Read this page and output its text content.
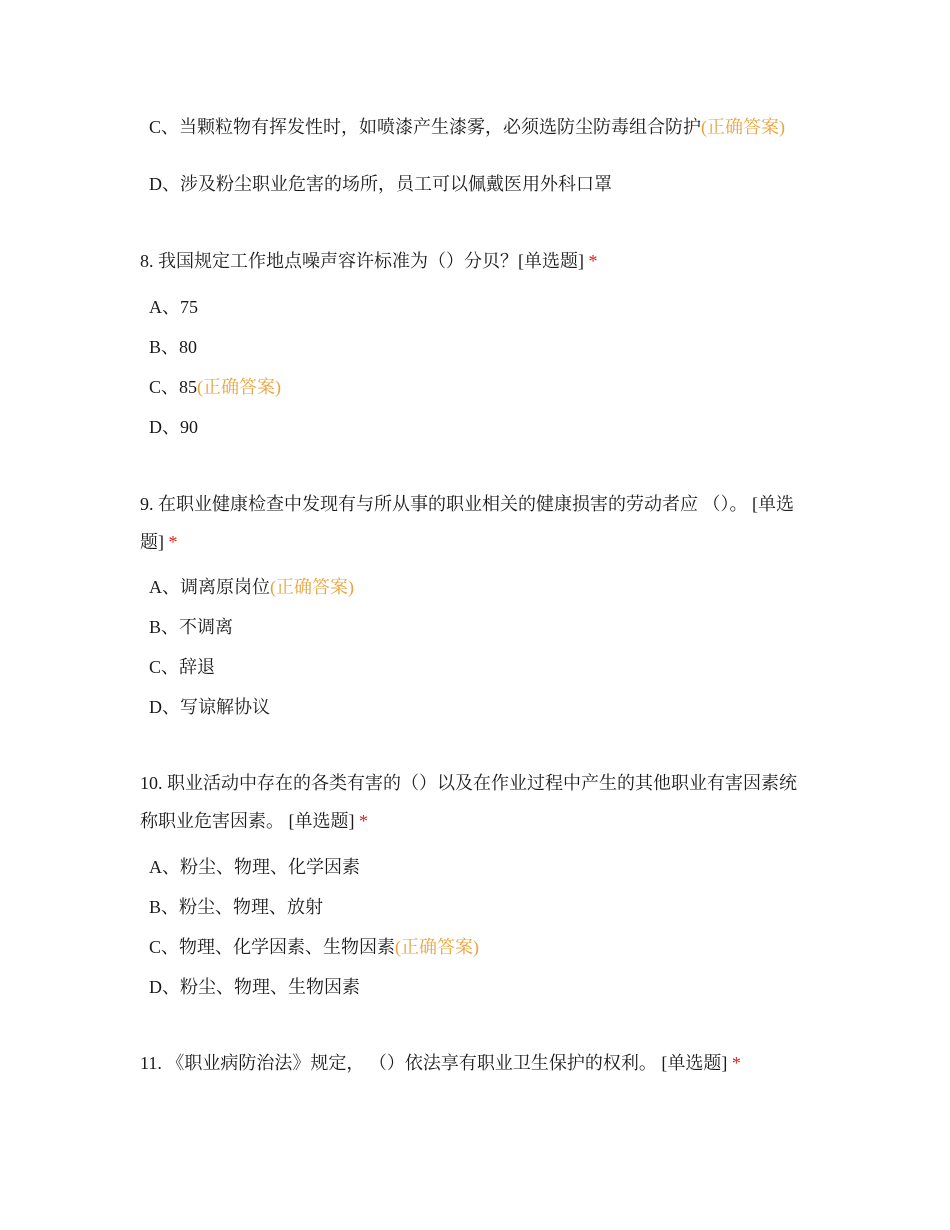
C、当颗粒物有挥发性时，如喷漆产生漆雾，必须选防尘防毒组合防护(正确答案)
D、涉及粉尘职业危害的场所，员工可以佩戴医用外科口罩
8. 我国规定工作地点噪声容许标准为（）分贝？[单选题] *
A、75
B、80
C、85(正确答案)
D、90
9. 在职业健康检查中发现有与所从事的职业相关的健康损害的劳动者应 （）。 [单选题] *
A、调离原岗位(正确答案)
B、不调离
C、辞退
D、写谅解协议
10. 职业活动中存在的各类有害的（）以及在作业过程中产生的其他职业有害因素统称职业危害因素。 [单选题] *
A、粉尘、物理、化学因素
B、粉尘、物理、放射
C、物理、化学因素、生物因素(正确答案)
D、粉尘、物理、生物因素
11. 《职业病防治法》规定， （）依法享有职业卫生保护的权利。 [单选题] *
